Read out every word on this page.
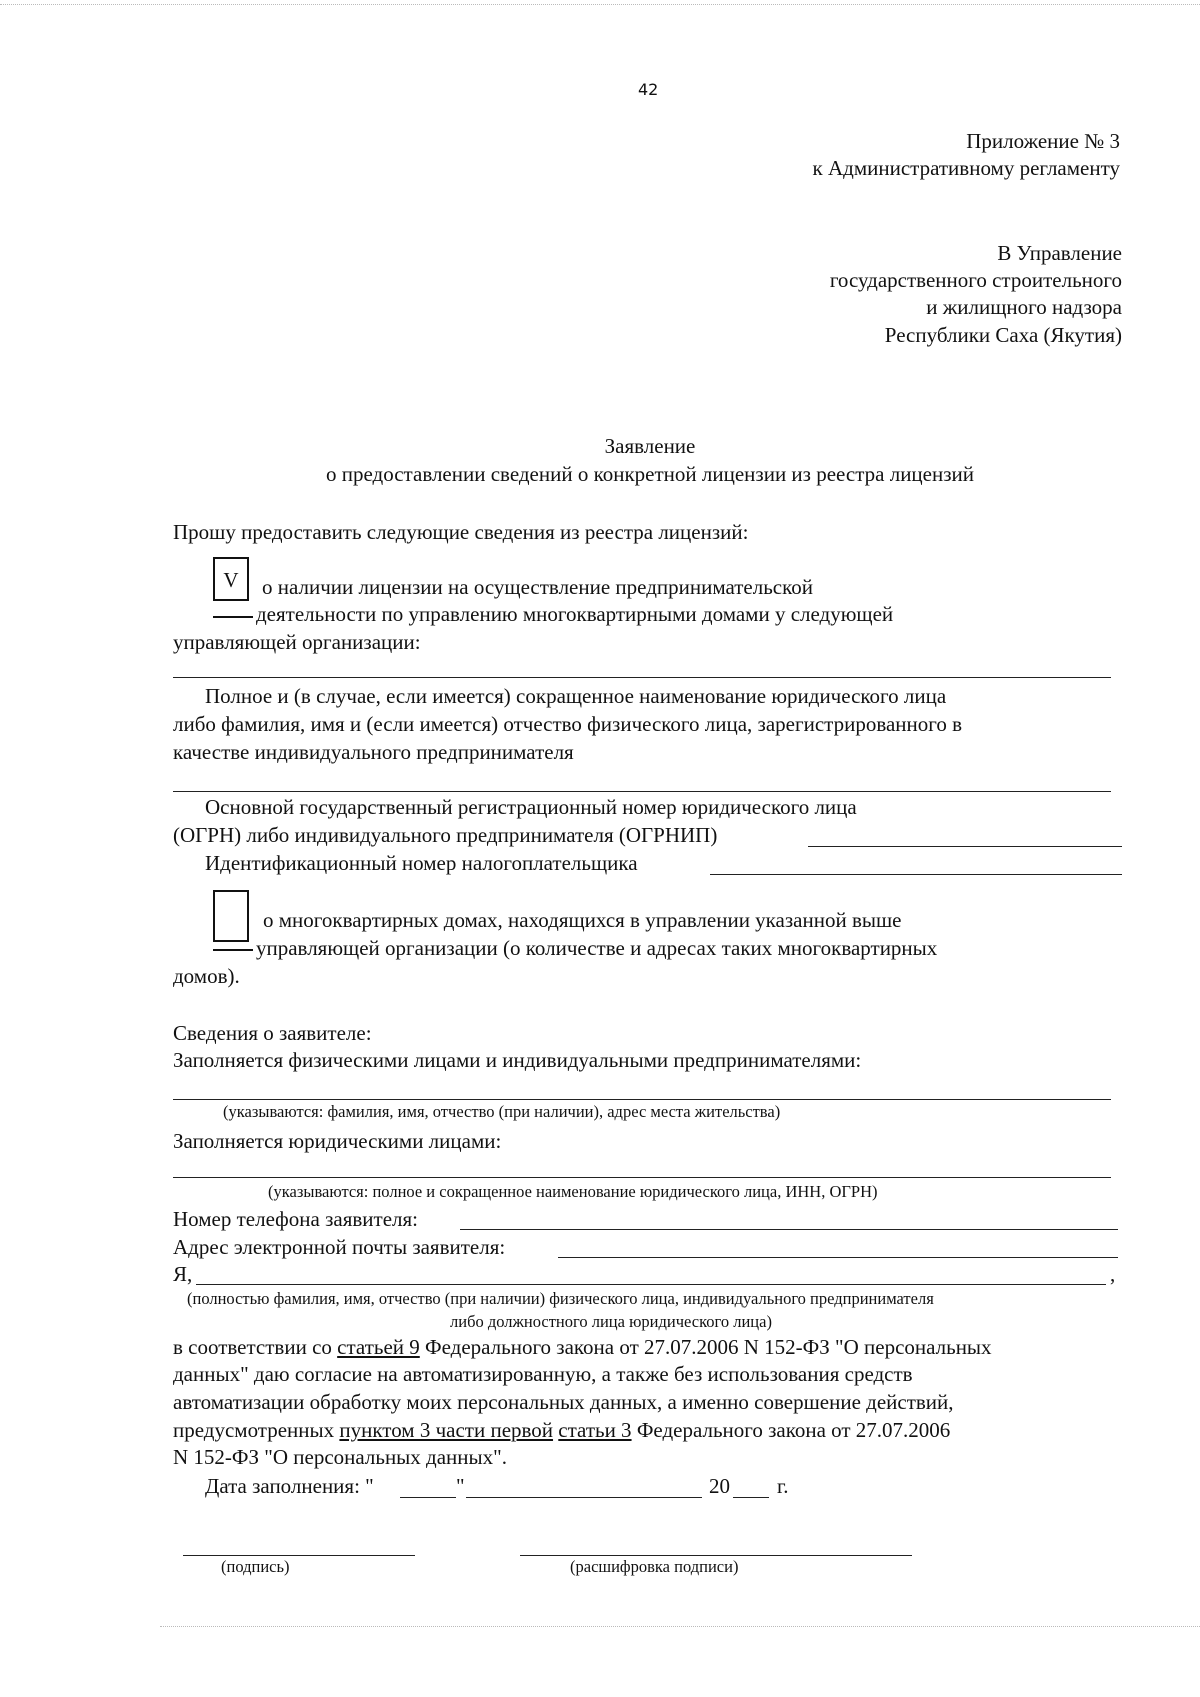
42
Приложение № 3
к Административному регламенту
В Управление
государственного строительного
и жилищного надзора
Республики Саха (Якутия)
Заявление
о предоставлении сведений о конкретной лицензии из реестра лицензий
Прошу предоставить следующие сведения из реестра лицензий:
V	о наличии лицензии на осуществление предпринимательской
деятельности по управлению многоквартирными домами у следующей
управляющей организации:
Полное и (в случае, если имеется) сокращенное наименование юридического лица
либо фамилия, имя и (если имеется) отчество физического лица, зарегистрированного в
качестве индивидуального предпринимателя
Основной государственный регистрационный номер юридического лица
(ОГРН) либо индивидуального предпринимателя (ОГРНИП)
Идентификационный номер налогоплательщика
о многоквартирных домах, находящихся в управлении указанной выше
управляющей организации (о количестве и адресах таких многоквартирных
домов).
Сведения о заявителе:
Заполняется физическими лицами и индивидуальными предпринимателями:
(указываются: фамилия, имя, отчество (при наличии), адрес места жительства)
Заполняется юридическими лицами:
(указываются: полное и сокращенное наименование юридического лица, ИНН, ОГРН)
Номер телефона заявителя:
Адрес электронной почты заявителя:
Я,	,
(полностью фамилия, имя, отчество (при наличии) физического лица, индивидуального предпринимателя
либо должностного лица юридического лица)
в соответствии со статьей 9 Федерального закона от 27.07.2006 N 152-ФЗ "О персональных
данных" даю согласие на автоматизированную, а также без использования средств
автоматизации обработку моих персональных данных, а именно совершение действий,
предусмотренных пунктом 3 части первой статьи 3 Федерального закона от 27.07.2006
N 152-ФЗ "О персональных данных".
Дата заполнения: "	"	20 г.
(подпись)	(расшифровка подписи)
